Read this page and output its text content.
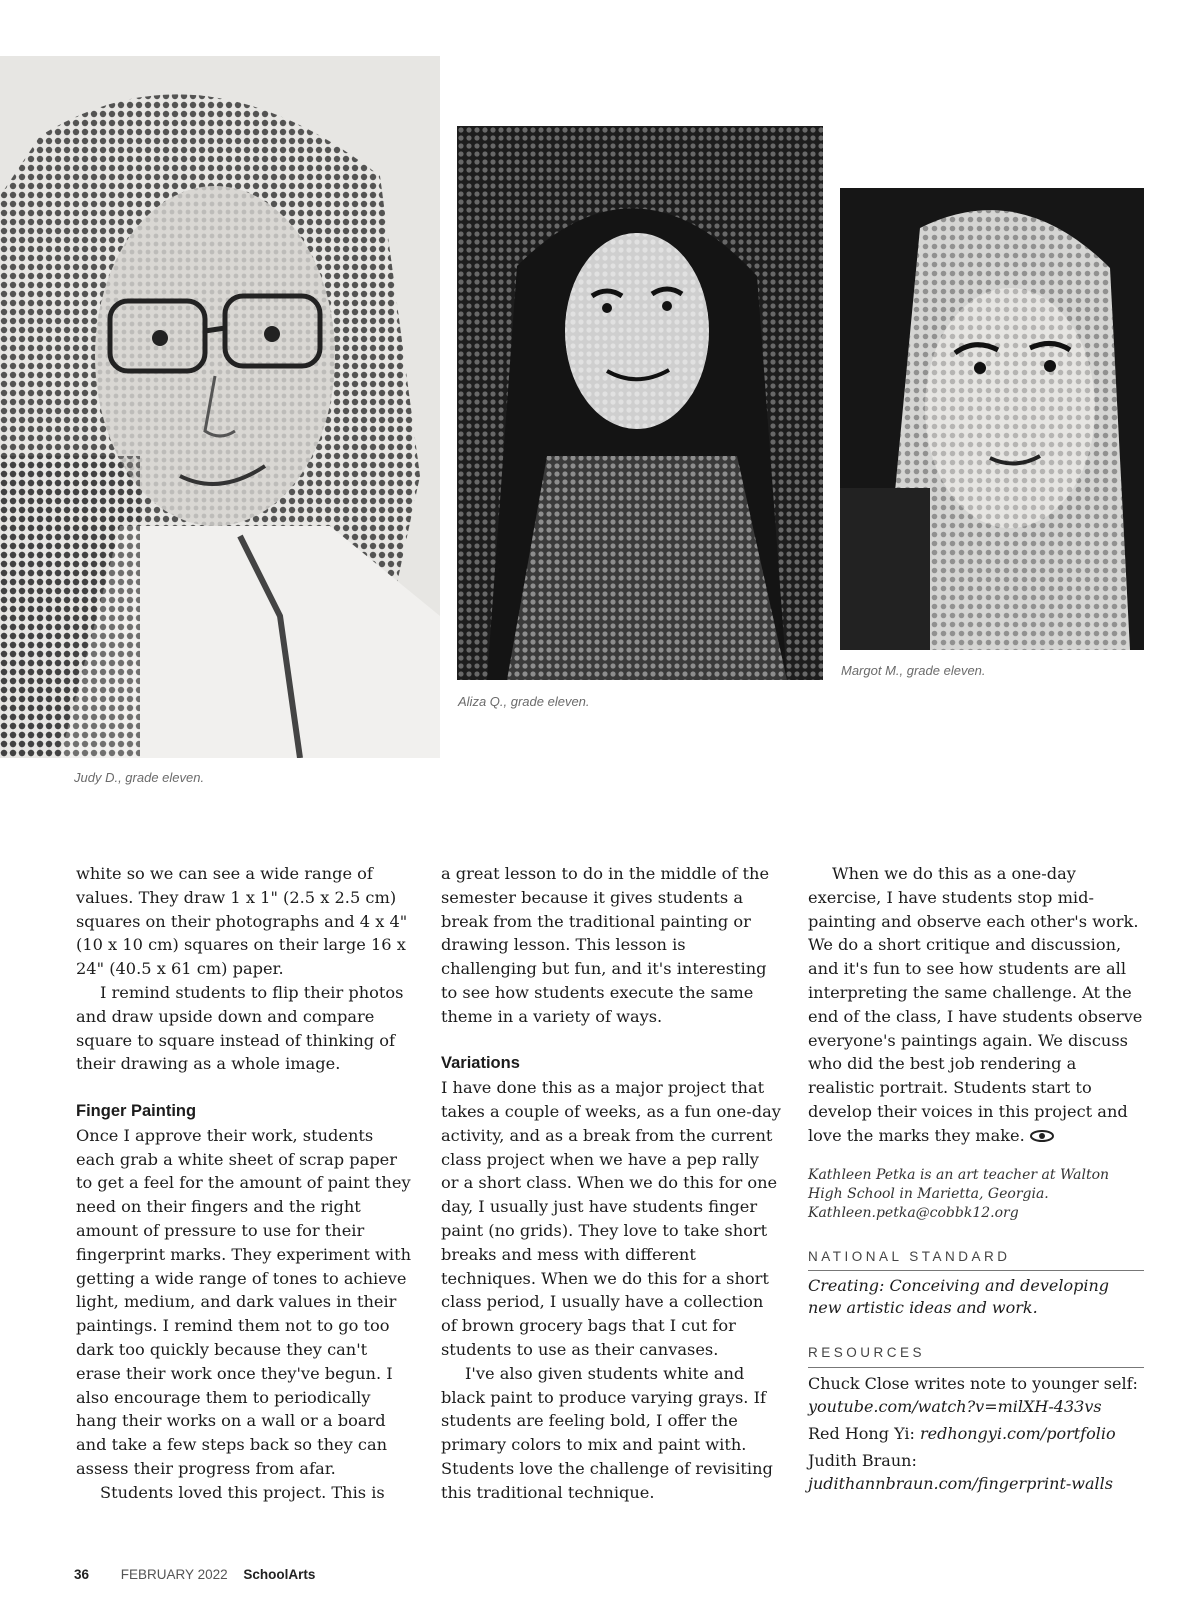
Judy D., grade eleven.
Aliza Q., grade eleven.
Margot M., grade eleven.

white so we can see a wide range of values. They draw 1 x 1" (2.5 x 2.5 cm) squares on their photographs and 4 x 4" (10 x 10 cm) squares on their large 16 x 24" (40.5 x 61 cm) paper.

I remind students to flip their photos and draw upside down and compare square to square instead of thinking of their drawing as a whole image.

Finger Painting

Once I approve their work, students each grab a white sheet of scrap paper to get a feel for the amount of paint they need on their fingers and the right amount of pressure to use for their fingerprint marks. They experiment with getting a wide range of tones to achieve light, medium, and dark values in their paintings. I remind them not to go too dark too quickly because they can't erase their work once they've begun. I also encourage them to periodically hang their works on a wall or a board and take a few steps back so they can assess their progress from afar.

Students loved this project. This is

a great lesson to do in the middle of the semester because it gives students a break from the traditional painting or drawing lesson. This lesson is challenging but fun, and it's interesting to see how students execute the same theme in a variety of ways.

Variations

I have done this as a major project that takes a couple of weeks, as a fun one-day activity, and as a break from the current class project when we have a pep rally or a short class. When we do this for one day, I usually just have students finger paint (no grids). They love to take short breaks and mess with different techniques. When we do this for a short class period, I usually have a collection of brown grocery bags that I cut for students to use as their canvases.

I've also given students white and black paint to produce varying grays. If students are feeling bold, I offer the primary colors to mix and paint with. Students love the challenge of revisiting this traditional technique.

When we do this as a one-day exercise, I have students stop mid-painting and observe each other's work. We do a short critique and discussion, and it's fun to see how students are all interpreting the same challenge. At the end of the class, I have students observe everyone's paintings again. We discuss who did the best job rendering a realistic portrait. Students start to develop their voices in this project and love the marks they make.

Kathleen Petka is an art teacher at Walton High School in Marietta, Georgia. Kathleen.petka@cobbk12.org

NATIONAL STANDARD

Creating: Conceiving and developing new artistic ideas and work.

RESOURCES

Chuck Close writes note to younger self: youtube.com/watch?v=milXH-433vs

Red Hong Yi: redhongyi.com/portfolio

Judith Braun: judithannbraun.com/fingerprint-walls

36 FEBRUARY 2022 SchoolArts
